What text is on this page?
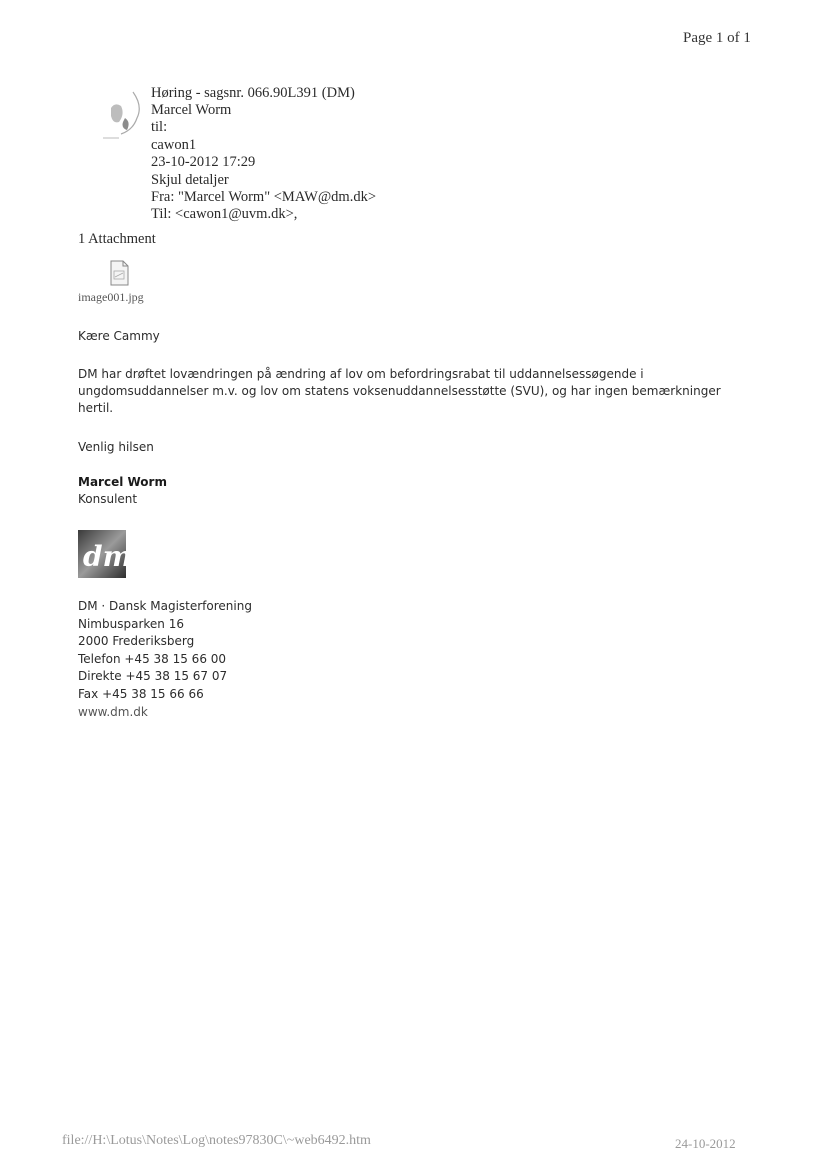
Page 1 of 1
Høring - sagsnr. 066.90L391 (DM)
Marcel Worm
til:
cawon1
23-10-2012 17:29
Skjul detaljer
Fra: "Marcel Worm" <MAW@dm.dk>
Til: <cawon1@uvm.dk>,
1 Attachment
image001.jpg
Kære Cammy
DM har drøftet lovændringen på ændring af lov om befordringsrabat til uddannelsessøgende i
ungdomsuddannelser m.v. og lov om statens voksenuddannelsesstøtte (SVU), og har ingen bemærkninger
hertil.
Venlig hilsen
Marcel Worm
Konsulent
dm
DM · Dansk Magisterforening
Nimbusparken 16
2000 Frederiksberg
Telefon +45 38 15 66 00
Direkte +45 38 15 67 07
Fax +45 38 15 66 66
www.dm.dk
file://H:\Lotus\Notes\Log\notes97830C\~web6492.htm	24-10-2012
